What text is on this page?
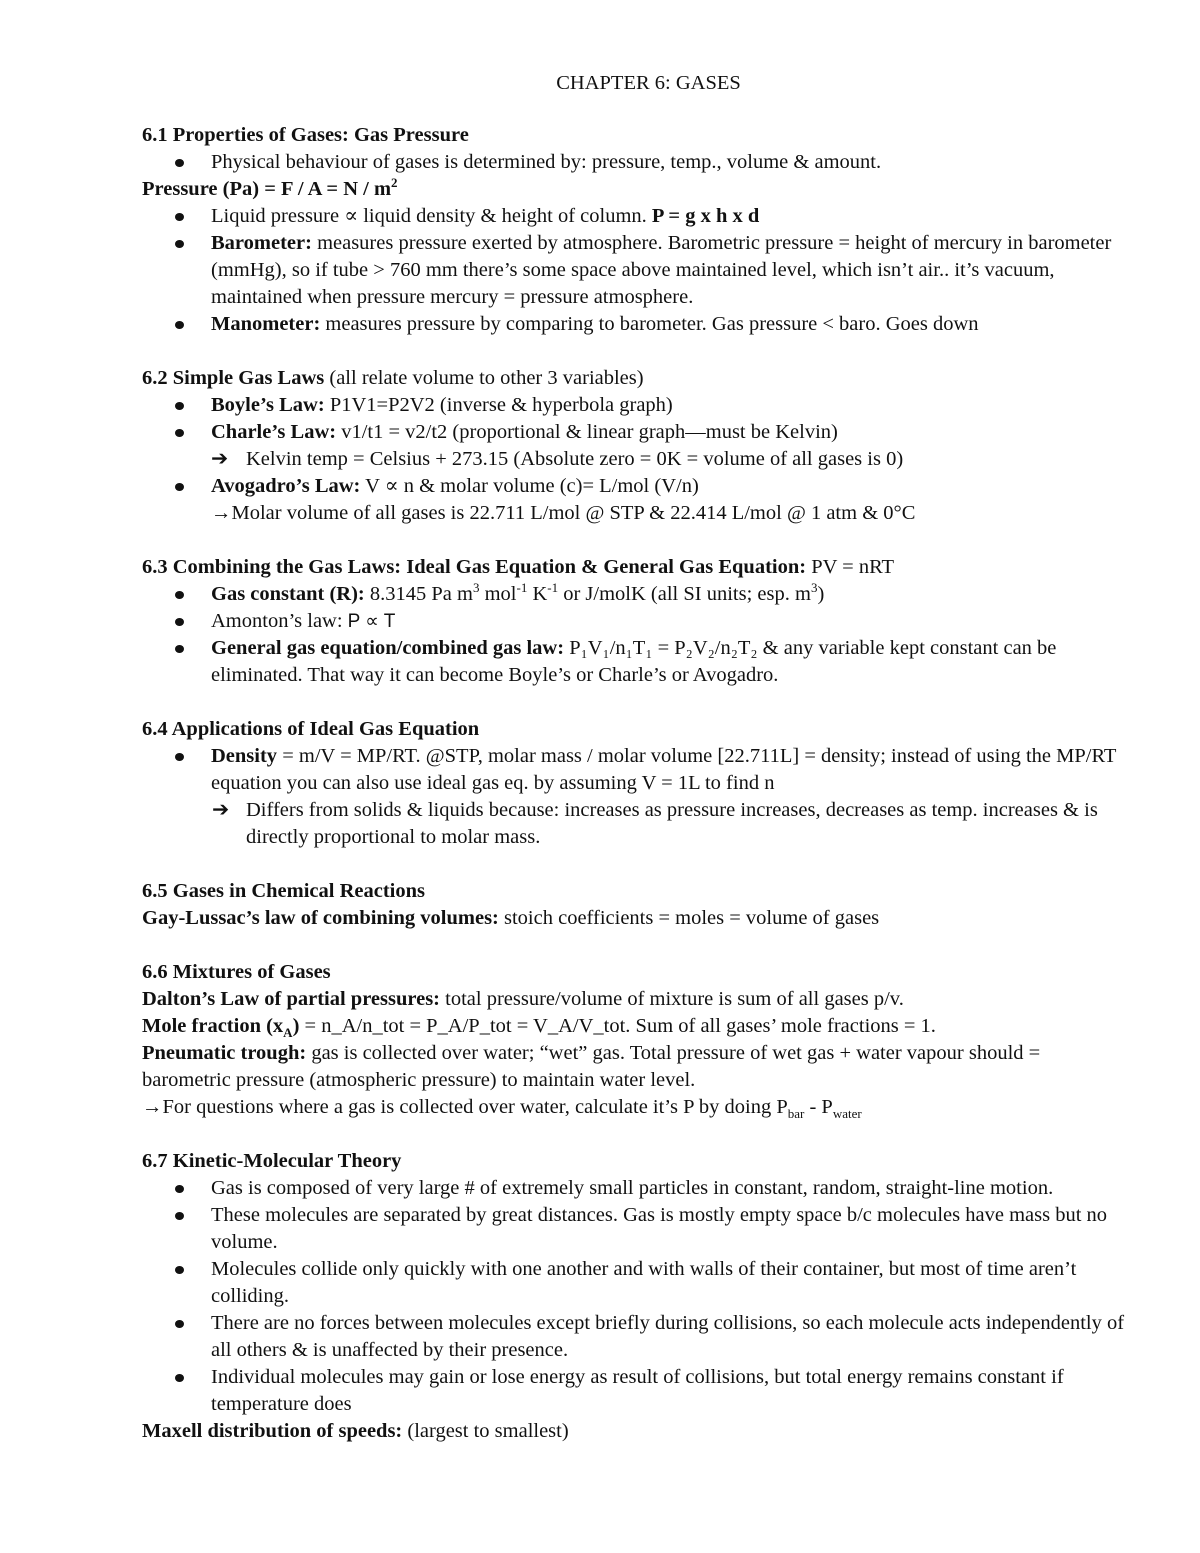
CHAPTER 6: GASES
6.1 Properties of Gases: Gas Pressure
Physical behaviour of gases is determined by: pressure, temp., volume & amount.
Pressure $(Pa) = F / A = N / m^2$
Liquid pressure ∝ liquid density & height of column. P = g x h x d
Barometer: measures pressure exerted by atmosphere. Barometric pressure = height of mercury in barometer (mmHg), so if tube > 760 mm there’s some space above maintained level, which isn’t air.. it’s vacuum, maintained when pressure mercury = pressure atmosphere.
Manometer: measures pressure by comparing to barometer. Gas pressure < baro. Goes down
6.2 Simple Gas Laws (all relate volume to other 3 variables)
Boyle’s Law: P1V1=P2V2 (inverse & hyperbola graph)
Charle’s Law: v1/t1 = v2/t2 (proportional & linear graph—must be Kelvin)
➔ Kelvin temp = Celsius + 273.15 (Absolute zero = 0K = volume of all gases is 0)
Avogadro’s Law: V ∝ n & molar volume (c)= L/mol (V/n)
→Molar volume of all gases is 22.711 L/mol @ STP & 22.414 L/mol @ 1 atm & 0°C
6.3 Combining the Gas Laws: Ideal Gas Equation & General Gas Equation: PV = nRT
Gas constant (R): 8.3145 Pa $m^3$ mol$^{-1}$ $K^{-1}$ or J/molK (all SI units; esp. $m^3$)
Amonton’s law: P ∝ T
General gas equation/combined gas law: P₁V₁/n₁T₁ = P₂V₂/n₂T₂ & any variable kept constant can be eliminated. That way it can become Boyle’s or Charle’s or Avogadro.
6.4 Applications of Ideal Gas Equation
Density = m/V = MP/RT. @STP, molar mass / molar volume [22.711L] = density; instead of using the MP/RT equation you can also use ideal gas eq. by assuming V = 1L to find n
➔ Differs from solids & liquids because: increases as pressure increases, decreases as temp. increases & is directly proportional to molar mass.
6.5 Gases in Chemical Reactions
Gay-Lussac’s law of combining volumes: stoich coefficients = moles = volume of gases
6.6 Mixtures of Gases
Dalton’s Law of partial pressures: total pressure/volume of mixture is sum of all gases p/v.
Mole fraction $(x_A)$ = n_A/n_tot = P_A/P_tot = V_A/V_tot. Sum of all gases’ mole fractions = 1.
Pneumatic trough: gas is collected over water; “wet” gas. Total pressure of wet gas + water vapour should = barometric pressure (atmospheric pressure) to maintain water level.
→For questions where a gas is collected over water, calculate it’s P by doing $P_{bar} - P_{water}$
6.7 Kinetic-Molecular Theory
Gas is composed of very large # of extremely small particles in constant, random, straight-line motion.
These molecules are separated by great distances. Gas is mostly empty space b/c molecules have mass but no volume.
Molecules collide only quickly with one another and with walls of their container, but most of time aren’t colliding.
There are no forces between molecules except briefly during collisions, so each molecule acts independently of all others & is unaffected by their presence.
Individual molecules may gain or lose energy as result of collisions, but total energy remains constant if temperature does
Maxell distribution of speeds: (largest to smallest)
